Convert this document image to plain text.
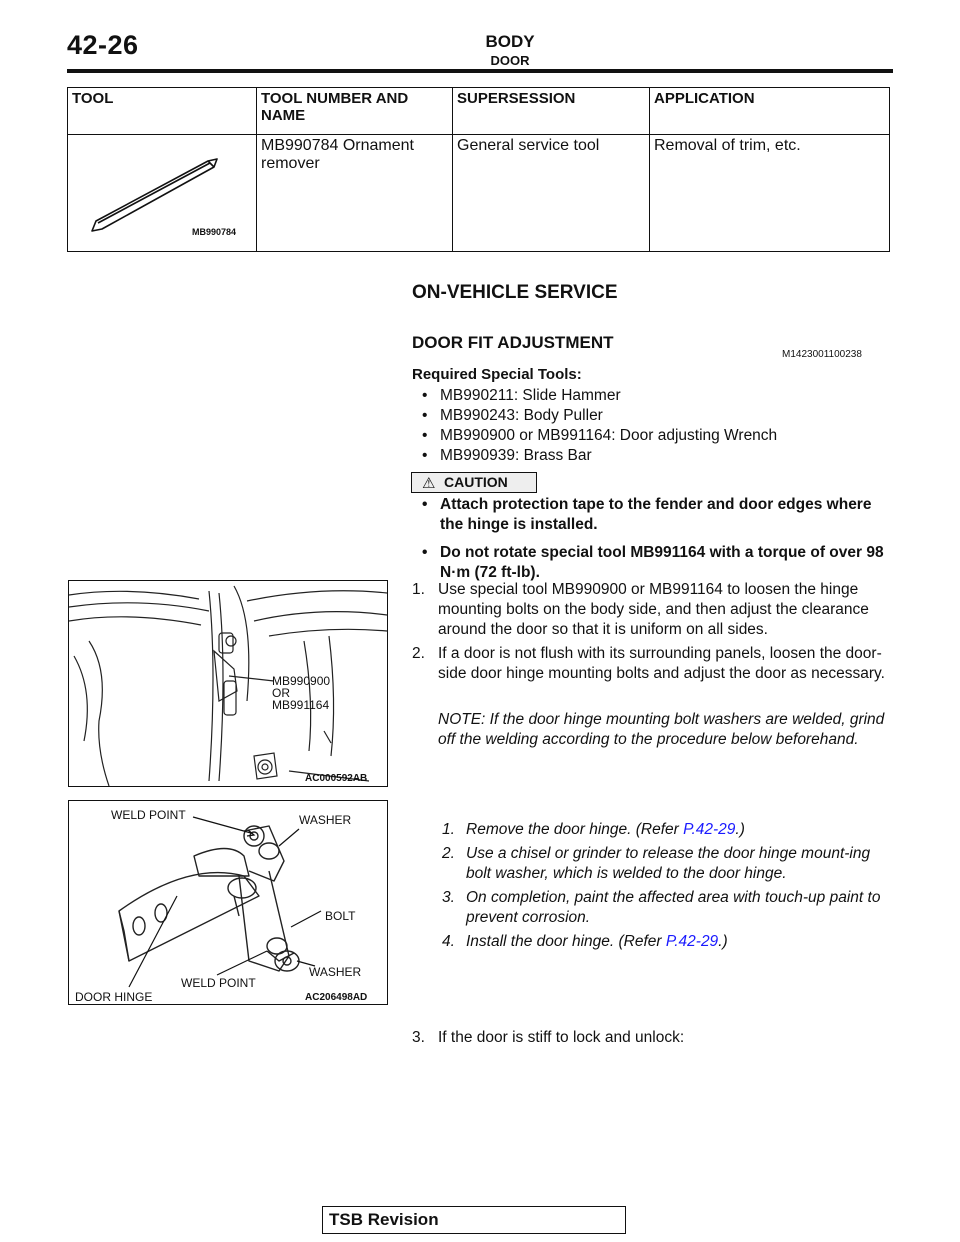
42-26	BODY
DOOR
TOOL	TOOL NUMBER AND NAME	SUPERSESSION	APPLICATION

MB990784	MB990784 Ornament remover	General service tool	Removal of trim, etc.
ON-VEHICLE SERVICE
DOOR FIT ADJUSTMENT
M1423001100238
Required Special Tools:
• MB990211: Slide Hammer
• MB990243: Body Puller
• MB990900 or MB991164: Door adjusting Wrench
• MB990939: Brass Bar
⚠ CAUTION
• Attach protection tape to the fender and door edges where the hinge is installed.
• Do not rotate special tool MB991164 with a torque of over 98 N·m (72 ft-lb).
1. Use special tool MB990900 or MB991164 to loosen the hinge mounting bolts on the body side, and then adjust the clearance around the door so that it is uniform on all sides.
2. If a door is not flush with its surrounding panels, loosen the door-side door hinge mounting bolts and adjust the door as necessary.
NOTE: If the door hinge mounting bolt washers are welded, grind off the welding according to the procedure below beforehand.
1. Remove the door hinge. (Refer P.42-29.)
2. Use a chisel or grinder to release the door hinge mount-ing bolt washer, which is welded to the door hinge.
3. On completion, paint the affected area with touch-up paint to prevent corrosion.
4. Install the door hinge. (Refer P.42-29.)
3. If the door is stiff to lock and unlock:
MB990900
OR
MB991164
AC000592AB
WELD POINT	WASHER
BOLT
WASHER
WELD POINT
DOOR HINGE	AC206498AD
TSB Revision
